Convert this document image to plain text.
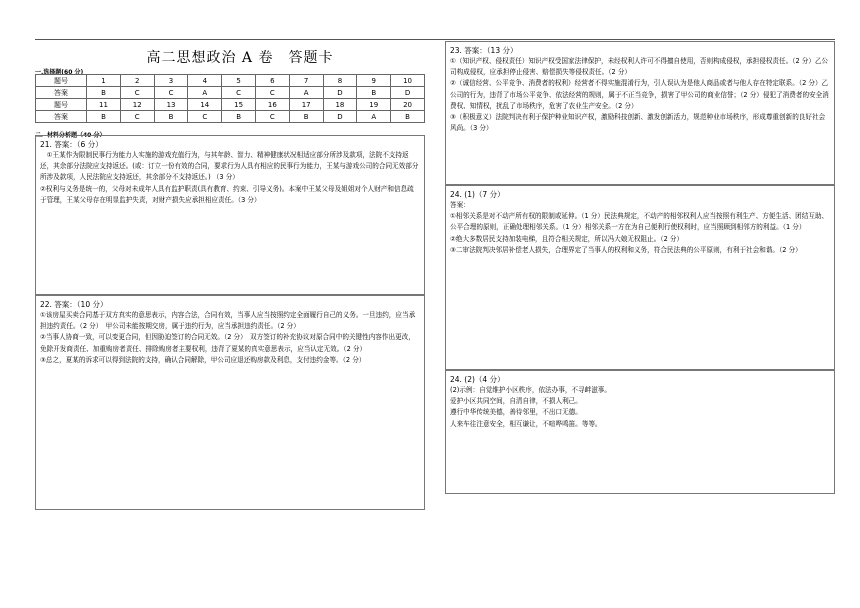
高二思想政治 A 卷　答题卡
一.选择题(60 分)
题号	1	2	3	4	5	6	7	8	9	10
答案	B	C	C	A	C	C	A	D	B	D
题号	11	12	13	14	15	16	17	18	19	20
答案	B	C	B	C	B	C	B	D	A	B
二．材料分析题（40 分）
21. 答案：（6 分）
　①王某作为限制民事行为能力人实施的游戏充值行为，与其年龄、智力、精神健康状况相适应部分所涉及款项，法院不支持返还，其余部分法院应支持返还。(或：订立一份有效的合同，要求行为人具有相应的民事行为能力，王某与游戏公司的合同无效部分所涉及款项，人民法院应支持返还，其余部分不支持返还。) （3 分）
②权利与义务是统一的，父母对未成年人具有监护职责(具有教育、约束、引导义务)。本案中王某父母及姐姐对个人财产和信息疏于管理，王某父母存在明显监护失责，对财产损失应承担相应责任。（3 分）
22. 答案：（10 分）
①该房屋买卖合同基于双方真实的意思表示，内容合法，合同有效，当事人应当按照约定全面履行自己的义务。一旦违约，应当承担违约责任。（2 分）　甲公司未能按期交房，属于违约行为，应当承担违约责任。（2 分）
②当事人协商一致，可以变更合同，但因胁迫签订的合同无效。（2 分）　双方签订的补充协议对原合同中的关键性内容作出更改，免除开发商责任、加重购房者责任、排除购房者主要权利，违背了夏某的真实意思表示，应当认定无效。（2 分）
③总之，夏某的诉求可以得到法院的支持，确认合同解除，甲公司应退还购房款及利息，支付违约金等。（2 分）
23. 答案：（13 分）
①（知识产权、侵权责任）知识产权受国家法律保护，未经权利人许可不得擅自使用，否则构成侵权，承担侵权责任。（2 分）乙公司构成侵权，应承担停止侵害、赔偿损失等侵权责任。（2 分）
②（诚信经营、公平竞争、消费者的权利）经营者不得实施混淆行为，引人误认为是他人商品或者与他人存在特定联系。（2 分）乙公司的行为，违背了市场公平竞争、依法经营的规则，属于不正当竞争，损害了甲公司的商业信誉；（2 分）侵犯了消费者的安全消费权、知情权，扰乱了市场秩序，危害了农业生产安全。（2 分）
③（积极意义）法院判决有利于保护种业知识产权，激励科技创新、激发创新活力，规范种业市场秩序，形成尊重创新的良好社会风尚。（3 分）
24. (1)（7 分）
答案：
①相邻关系是对不动产所有权的限制或延伸。（1 分）民法典规定，不动产的相邻权利人应当按照有利生产、方便生活、团结互助、公平合理的原则，正确处理相邻关系。（1 分）相邻关系一方在为自己便利行使权利时，应当照顾到相邻方的利益。（1 分）
②绝大多数居民支持加装电梯，且符合相关规定，所以冯大娘无权阻止。（2 分）
③二审法院判决邻居补偿老人损失，合理界定了当事人的权利和义务，符合民法典的公平原则，有利于社会和谐。（2 分）
24. (2)（4 分）
(2)示例：自觉维护小区秩序，依法办事，不寻衅滋事。
爱护小区共同空间，自清自律，不损人利己。
遵行中华传统美德，善待邻里，不出口无德。
人来车往注意安全，相互谦让，不喧哗鸣笛。等等。
